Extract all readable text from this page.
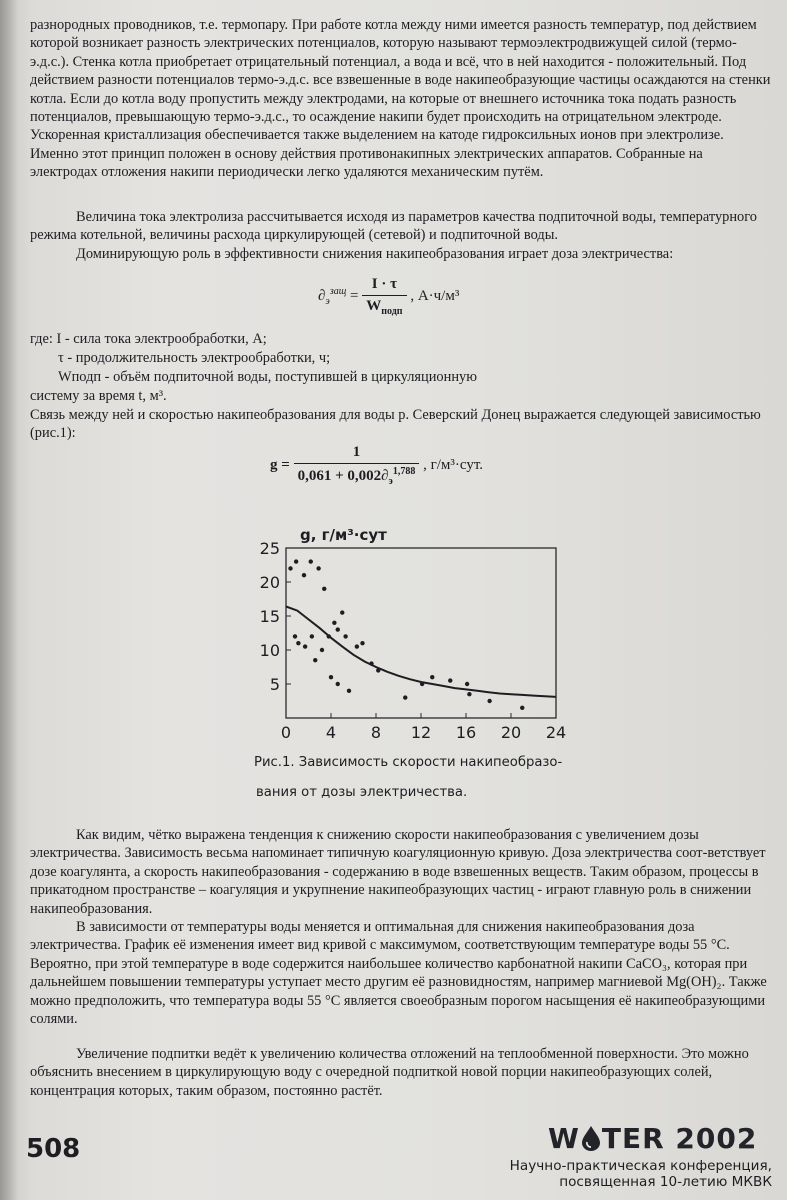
разнородных проводников, т.е. термопару. При работе котла между ними имеется разность температур, под действием которой возникает разность электрических потенциалов, которую называют термоэлектродвижущей силой (термо-э.д.с.). Стенка котла приобретает отрицательный потенциал, а вода и всё, что в ней находится - положительный. Под действием разности потенциалов термо-э.д.с. все взвешенные в воде накипеобразующие частицы осаждаются на стенки котла. Если до котла воду пропустить между электродами, на которые от внешнего источника тока подать разность потенциалов, превышающую термо-э.д.с., то осаждение накипи будет происходить на отрицательном электроде. Ускоренная кристаллизация обеспечивается также выделением на катоде гидроксильных ионов при электролизе. Именно этот принцип положен в основу действия противонакипных электрических аппаратов. Собранные на электродах отложения накипи периодически легко удаляются механическим путём.

Величина тока электролиза рассчитывается исходя из параметров качества подпиточной воды, температурного режима котельной, величины расхода циркулирующей (сетевой) и подпиточной воды.

Доминирующую роль в эффективности снижения накипеобразования играет доза электричества:

$\partial_э^{защ} = \frac{I \cdot \tau}{W_{подп}}$ , А·ч/м³
где: I - сила тока электрообработки, А;
τ - продолжительность электрообработки, ч;
Wподп - объём подпиточной воды, поступившей в циркуляционную
систему за время t, м³.

Связь между ней и скоростью накипеобразования для воды р. Северский Донец выражается следующей зависимостью (рис.1):

$g = \frac{1}{0,061 + 0,002\partial_э^{1,788}}$ , г/м³·сут.
g, г/м³·сут
5
10
15
20
25
0 4 8 12 16 20 24
Рис.1. Зависимость скорости накипеобразо-
вания от дозы электричества.

Как видим, чётко выражена тенденция к снижению скорости накипеобразования с увеличением дозы электричества. Зависимость весьма напоминает типичную коагуляционную кривую. Доза электричества соот-ветствует дозе коагулянта, а скорость накипеобразования - содержанию в воде взвешенных веществ. Таким образом, процессы в прикатодном пространстве – коагуляция и укрупнение накипеобразующих частиц - играют главную роль в снижении накипеобразования.

В зависимости от температуры воды меняется и оптимальная для снижения накипеобразования доза электричества. График её изменения имеет вид кривой с максимумом, соответствующим температуре воды 55 °С. Вероятно, при этой температуре в воде содержится наибольшее количество карбонатной накипи CaCO₃, которая при дальнейшем повышении температуры уступает место другим её разновидностям, например магниевой Mg(OH)₂. Также можно предположить, что температура воды 55 °С является своеобразным порогом насыщения её накипеобразующими солями.

Увеличение подпитки ведёт к увеличению количества отложений на теплообменной поверхности. Это можно объяснить внесением в циркулирующую воду с очередной подпиткой новой порции накипеобразующих солей, концентрация которых, таким образом, постоянно растёт.

508	W TER 2002
Научно-практическая конференция,
посвященная 10-летию МКВК
